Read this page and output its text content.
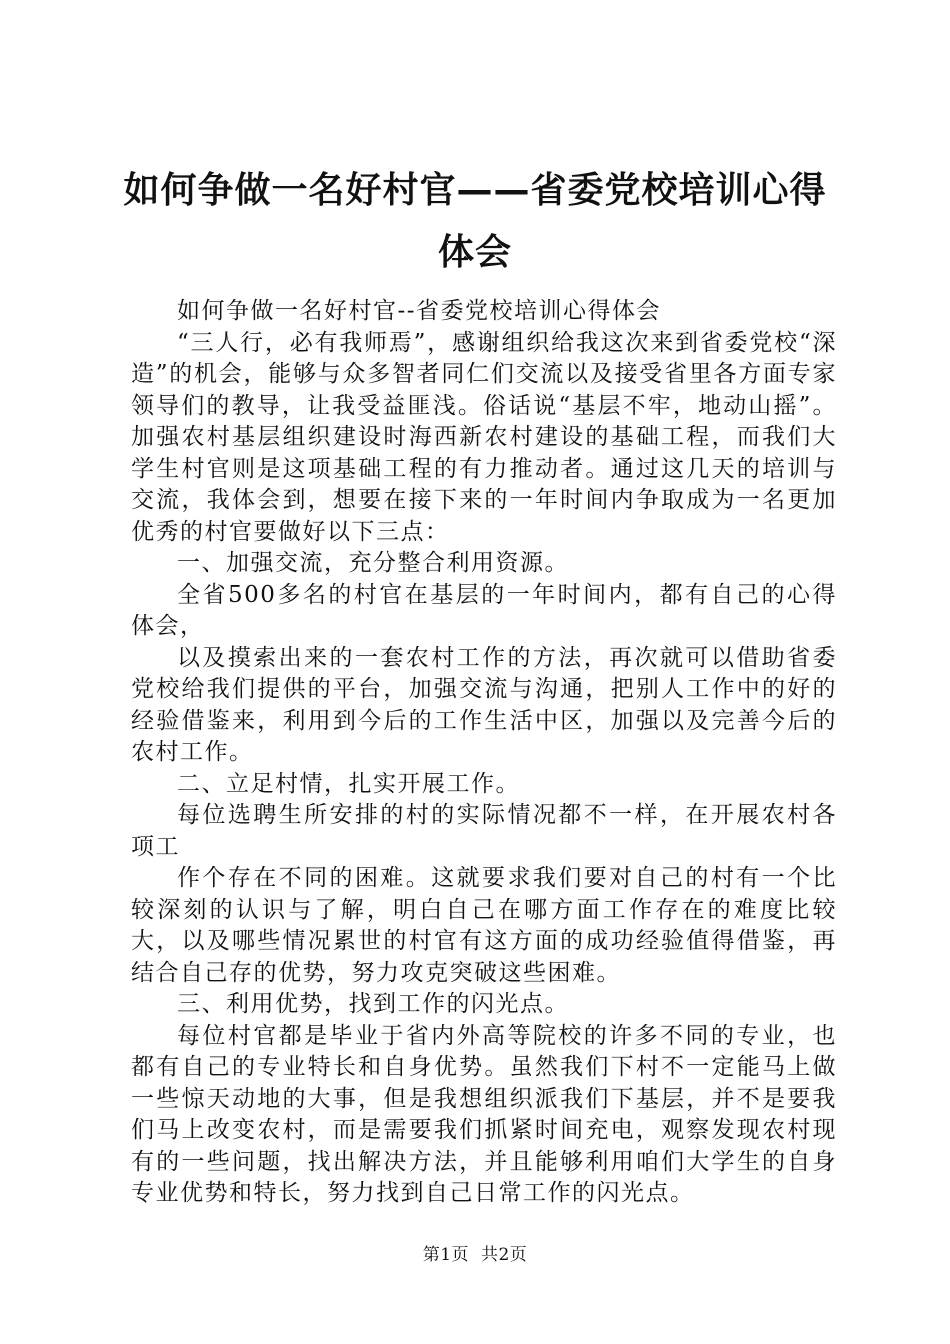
如何争做一名好村官——省委党校培训心得体会

如何争做一名好村官--省委党校培训心得体会

“三人行，必有我师焉”，感谢组织给我这次来到省委党校“深造”的机会，能够与众多智者同仁们交流以及接受省里各方面专家领导们的教导，让我受益匪浅。俗话说“基层不牢，地动山摇”。加强农村基层组织建设时海西新农村建设的基础工程，而我们大学生村官则是这项基础工程的有力推动者。通过这几天的培训与交流，我体会到，想要在接下来的一年时间内争取成为一名更加优秀的村官要做好以下三点：

一、加强交流，充分整合利用资源。

全省500多名的村官在基层的一年时间内，都有自己的心得体会，

以及摸索出来的一套农村工作的方法，再次就可以借助省委党校给我们提供的平台，加强交流与沟通，把别人工作中的好的经验借鉴来，利用到今后的工作生活中区，加强以及完善今后的农村工作。

二、立足村情，扎实开展工作。

每位选聘生所安排的村的实际情况都不一样，在开展农村各项工

作个存在不同的困难。这就要求我们要对自己的村有一个比较深刻的认识与了解，明白自己在哪方面工作存在的难度比较大，以及哪些情况累世的村官有这方面的成功经验值得借鉴，再结合自己存的优势，努力攻克突破这些困难。

三、利用优势，找到工作的闪光点。

每位村官都是毕业于省内外高等院校的许多不同的专业，也都有自己的专业特长和自身优势。虽然我们下村不一定能马上做一些惊天动地的大事，但是我想组织派我们下基层，并不是要我们马上改变农村，而是需要我们抓紧时间充电，观察发现农村现有的一些问题，找出解决方法，并且能够利用咱们大学生的自身专业优势和特长，努力找到自己日常工作的闪光点。

第1页 共2页
